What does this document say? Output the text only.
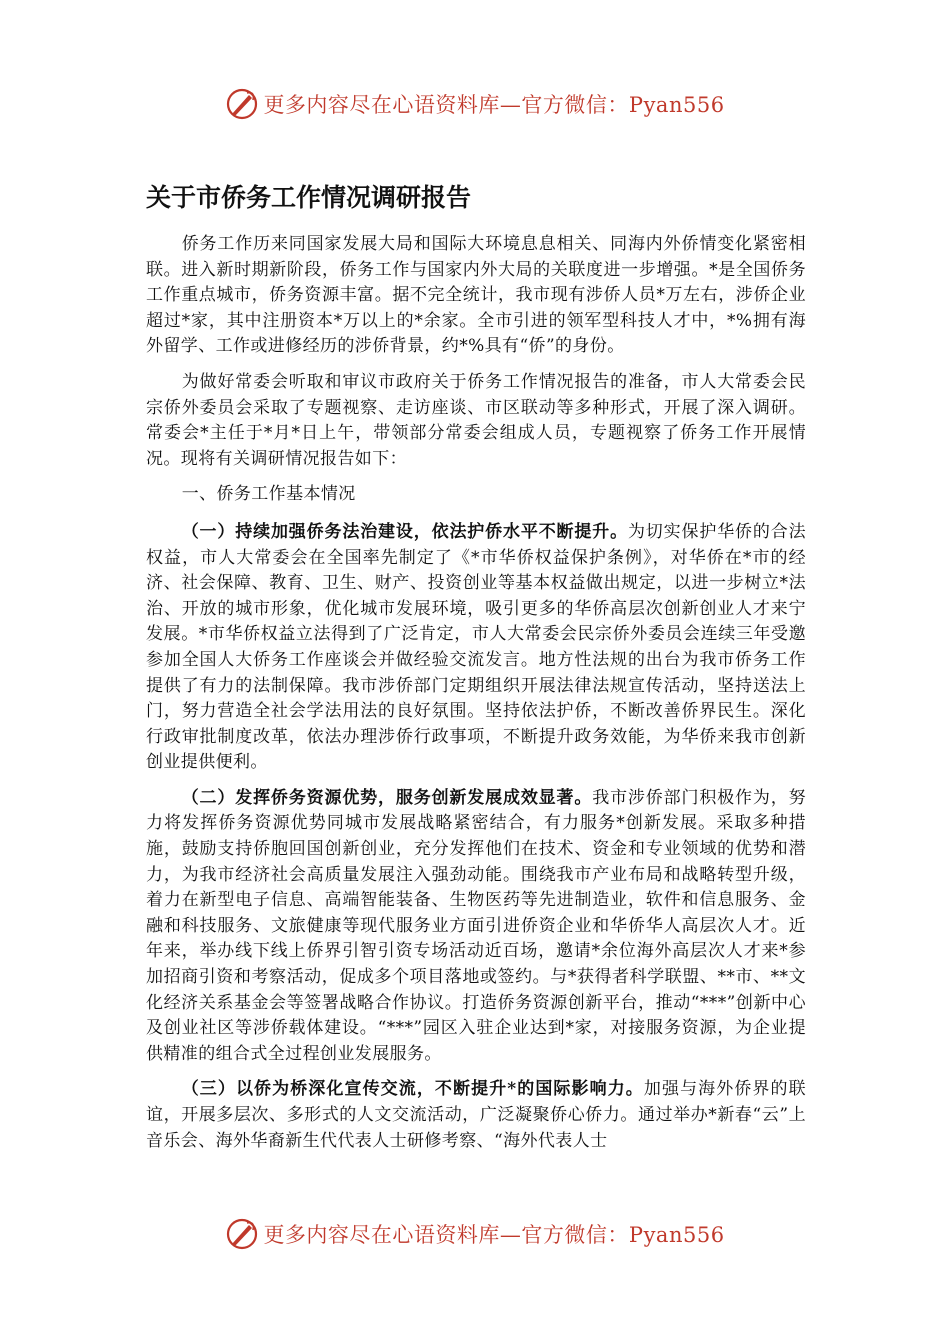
更多内容尽在心语资料库—官方微信：Pyan556
关于市侨务工作情况调研报告

侨务工作历来同国家发展大局和国际大环境息息相关、同海内外侨情变化紧密相联。进入新时期新阶段，侨务工作与国家内外大局的关联度进一步增强。*是全国侨务工作重点城市，侨务资源丰富。据不完全统计，我市现有涉侨人员*万左右，涉侨企业超过*家，其中注册资本*万以上的*余家。全市引进的领军型科技人才中，*%拥有海外留学、工作或进修经历的涉侨背景，约*%具有“侨”的身份。

为做好常委会听取和审议市政府关于侨务工作情况报告的准备，市人大常委会民宗侨外委员会采取了专题视察、走访座谈、市区联动等多种形式，开展了深入调研。常委会*主任于*月*日上午，带领部分常委会组成人员，专题视察了侨务工作开展情况。现将有关调研情况报告如下：

一、侨务工作基本情况

（一）持续加强侨务法治建设，依法护侨水平不断提升。为切实保护华侨的合法权益，市人大常委会在全国率先制定了《*市华侨权益保护条例》，对华侨在*市的经济、社会保障、教育、卫生、财产、投资创业等基本权益做出规定，以进一步树立*法治、开放的城市形象，优化城市发展环境，吸引更多的华侨高层次创新创业人才来宁发展。*市华侨权益立法得到了广泛肯定，市人大常委会民宗侨外委员会连续三年受邀参加全国人大侨务工作座谈会并做经验交流发言。地方性法规的出台为我市侨务工作提供了有力的法制保障。我市涉侨部门定期组织开展法律法规宣传活动，坚持送法上门，努力营造全社会学法用法的良好氛围。坚持依法护侨，不断改善侨界民生。深化行政审批制度改革，依法办理涉侨行政事项，不断提升政务效能，为华侨来我市创新创业提供便利。

（二）发挥侨务资源优势，服务创新发展成效显著。我市涉侨部门积极作为，努力将发挥侨务资源优势同城市发展战略紧密结合，有力服务*创新发展。采取多种措施，鼓励支持侨胞回国创新创业，充分发挥他们在技术、资金和专业领域的优势和潜力，为我市经济社会高质量发展注入强劲动能。围绕我市产业布局和战略转型升级，着力在新型电子信息、高端智能装备、生物医药等先进制造业，软件和信息服务、金融和科技服务、文旅健康等现代服务业方面引进侨资企业和华侨华人高层次人才。近年来，举办线下线上侨界引智引资专场活动近百场，邀请*余位海外高层次人才来*参加招商引资和考察活动，促成多个项目落地或签约。与*获得者科学联盟、**市、**文化经济关系基金会等签署战略合作协议。打造侨务资源创新平台，推动“***”创新中心及创业社区等涉侨载体建设。“***”园区入驻企业达到*家，对接服务资源，为企业提供精准的组合式全过程创业发展服务。

（三）以侨为桥深化宣传交流，不断提升*的国际影响力。加强与海外侨界的联谊，开展多层次、多形式的人文交流活动，广泛凝聚侨心侨力。通过举办*新春“云”上音乐会、海外华裔新生代代表人士研修考察、“海外代表人士

更多内容尽在心语资料库—官方微信：Pyan556
